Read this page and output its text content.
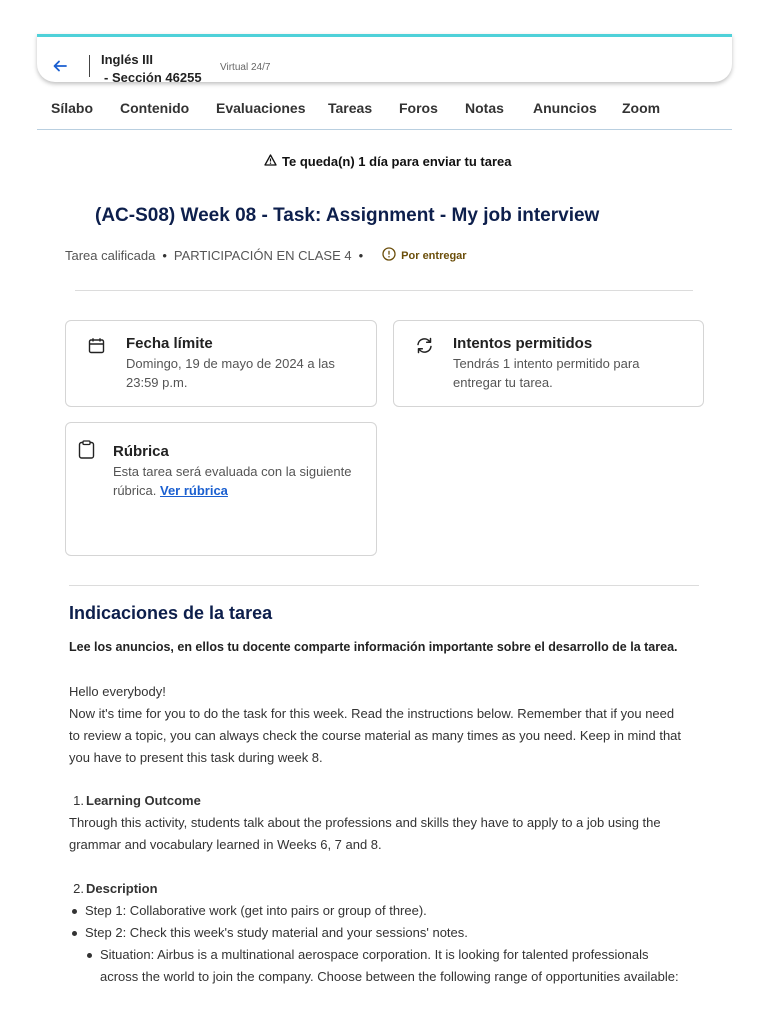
Inglés III
- Sección 46255
Virtual 24/7
Sílabo Contenido Evaluaciones Tareas Foros Notas Anuncios Zoom
Te queda(n) 1 día para enviar tu tarea
(AC-S08) Week 08 - Task: Assignment - My job interview
Tarea calificada • PARTICIPACIÓN EN CLASE 4 •	Por entregar
Fecha límite
Domingo, 19 de mayo de 2024 a las
23:59 p.m.
Intentos permitidos
Tendrás 1 intento permitido para
entregar tu tarea.
Rúbrica
Esta tarea será evaluada con la siguiente
rúbrica. Ver rúbrica
Indicaciones de la tarea
Lee los anuncios, en ellos tu docente comparte información importante sobre el desarrollo de la tarea.
Hello everybody!
Now it's time for you to do the task for this week. Read the instructions below. Remember that if you need
to review a topic, you can always check the course material as many times as you need. Keep in mind that
you have to present this task during week 8.
1. Learning Outcome
Through this activity, students talk about the professions and skills they have to apply to a job using the
grammar and vocabulary learned in Weeks 6, 7 and 8.
2. Description
Step 1: Collaborative work (get into pairs or group of three).
Step 2: Check this week's study material and your sessions' notes.
Situation: Airbus is a multinational aerospace corporation. It is looking for talented professionals
across the world to join the company. Choose between the following range of opportunities available:
